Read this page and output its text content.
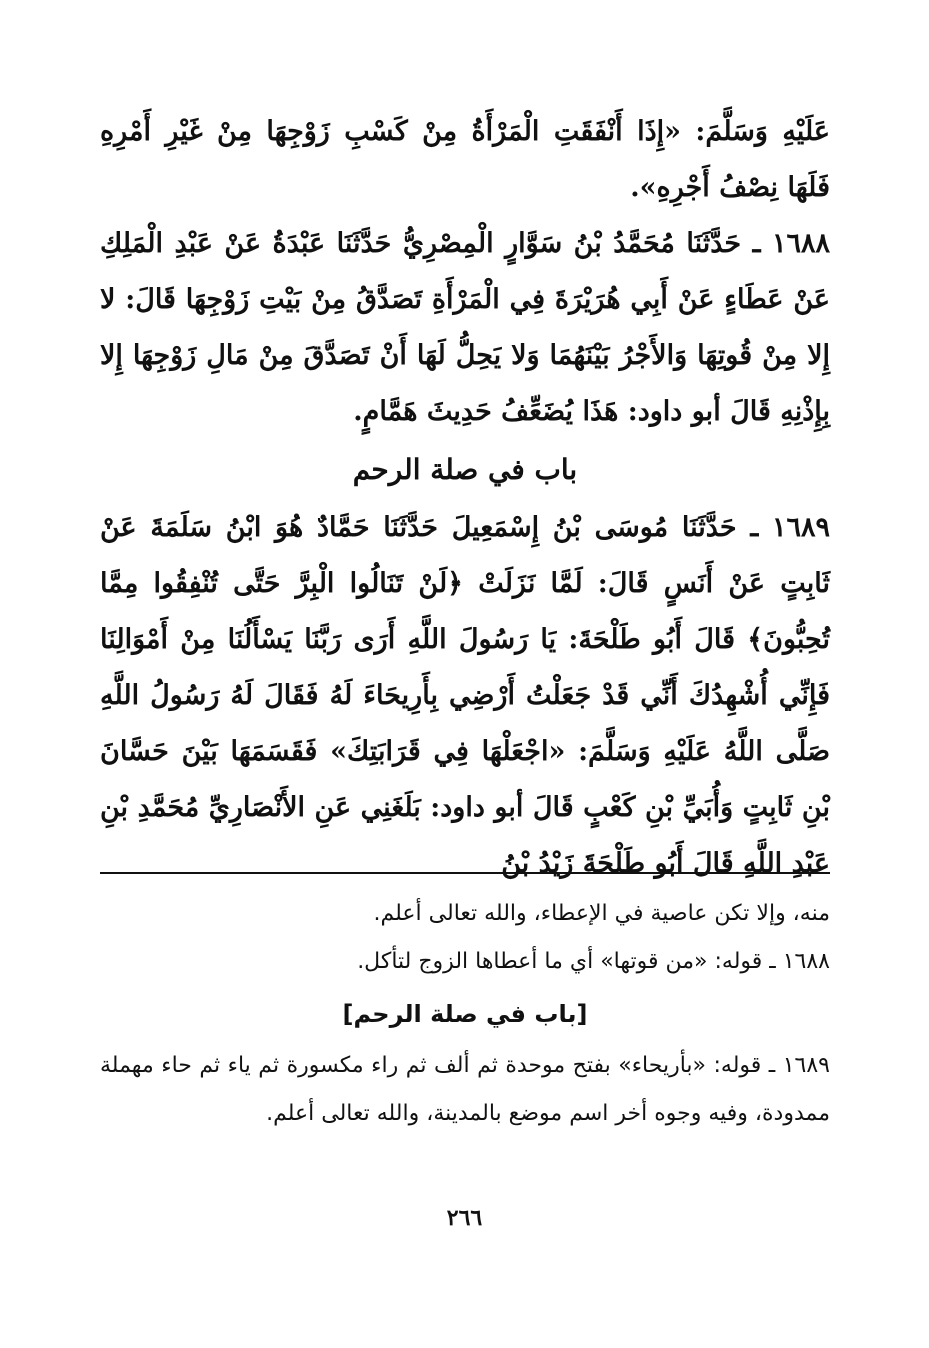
عَلَيْهِ وَسَلَّمَ: «إِذَا أَنْفَقَتِ الْمَرْأَةُ مِنْ كَسْبِ زَوْجِهَا مِنْ غَيْرِ أَمْرِهِ فَلَهَا نِصْفُ أَجْرِهِ».

١٦٨٨ ـ حَدَّثَنَا مُحَمَّدُ بْنُ سَوَّارٍ الْمِصْرِيُّ حَدَّثَنَا عَبْدَةُ عَنْ عَبْدِ الْمَلِكِ عَنْ عَطَاءٍ عَنْ أَبِي هُرَيْرَةَ فِي الْمَرْأَةِ تَصَدَّقُ مِنْ بَيْتِ زَوْجِهَا قَالَ: لا إِلا مِنْ قُوتِهَا وَالأَجْرُ بَيْنَهُمَا وَلا يَحِلُّ لَهَا أَنْ تَصَدَّقَ مِنْ مَالِ زَوْجِهَا إِلا بِإِذْنِهِ قَالَ أبو داود: هَذَا يُضَعِّفُ حَدِيثَ هَمَّامٍ.

باب في صلة الرحم

١٦٨٩ ـ حَدَّثَنَا مُوسَى بْنُ إِسْمَعِيلَ حَدَّثَنَا حَمَّادٌ هُوَ ابْنُ سَلَمَةَ عَنْ ثَابِتٍ عَنْ أَنَسٍ قَالَ: لَمَّا نَزَلَتْ ﴿لَنْ تَنَالُوا الْبِرَّ حَتَّى تُنْفِقُوا مِمَّا تُحِبُّونَ﴾ قَالَ أَبُو طَلْحَةَ: يَا رَسُولَ اللَّهِ أَرَى رَبَّنَا يَسْأَلُنَا مِنْ أَمْوَالِنَا فَإِنِّي أُشْهِدُكَ أَنِّي قَدْ جَعَلْتُ أَرْضِي بِأَرِيحَاءَ لَهُ فَقَالَ لَهُ رَسُولُ اللَّهِ صَلَّى اللَّهُ عَلَيْهِ وَسَلَّمَ: «اجْعَلْهَا فِي قَرَابَتِكَ» فَقَسَمَهَا بَيْنَ حَسَّانَ بْنِ ثَابِتٍ وَأُبَيِّ بْنِ كَعْبٍ قَالَ أبو داود: بَلَغَنِي عَنِ الأَنْصَارِيِّ مُحَمَّدِ بْنِ عَبْدِ اللَّهِ قَالَ أَبُو طَلْحَةَ زَيْدُ بْنُ

منه، وإلا تكن عاصية في الإعطاء، والله تعالى أعلم.

١٦٨٨ ـ قوله: «من قوتها» أي ما أعطاها الزوج لتأكل.

[باب في صلة الرحم]

١٦٨٩ ـ قوله: «بأريحاء» بفتح موحدة ثم ألف ثم راء مكسورة ثم ياء ثم حاء مهملة ممدودة، وفيه وجوه أخر اسم موضع بالمدينة، والله تعالى أعلم.

٢٦٦
